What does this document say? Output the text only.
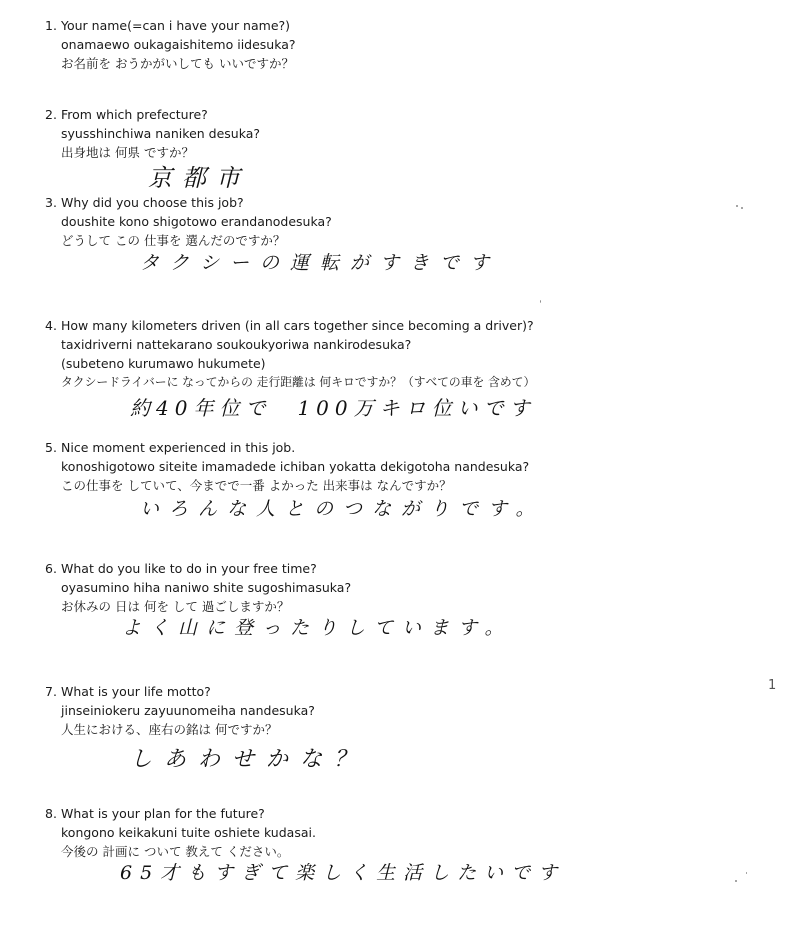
1. Your name(=can i have your name?)
onamaewo oukagaishitemo iidesuka?
お名前を おうかがいしても いいですか？
2. From which prefecture?
syusshinchiwa naniken desuka?
出身地は 何県 ですか？
京都市
3. Why did you choose this job?
doushite kono shigotowo erandanodesuka?
どうして この 仕事を 選んだのですか？
タクシーの運転がすきです
4. How many kilometers driven (in all cars together since becoming a driver)?
taxidriverni nattekarano soukoukyoriwa nankirodesuka?
(subeteno kurumawo hukumete)
タクシードライバーに なってからの 走行距離は 何キロですか？（すべての車を 含めて）
約40年位で　100万キロ位いです
5. Nice moment experienced in this job.
konoshigotowo siteite imamadede ichiban yokatta dekigotoha nandesuka?
この仕事を していて、今までで一番 よかった 出来事は なんですか？
いろんな人とのつながりです。
6. What do you like to do in your free time?
oyasumino hiha naniwo shite sugoshimasuka?
お休みの 日は 何を して 過ごしますか？
よく山に登ったりしています。
7. What is your life motto?
jinseiniokeru zayuunomeiha nandesuka?
人生における、座右の銘は 何ですか？
しあわせかな？
8. What is your plan for the future?
kongono keikakuni tuite oshiete kudasai.
今後の 計画に ついて 教えて ください。
65才もすぎて楽しく生活したいです
1
